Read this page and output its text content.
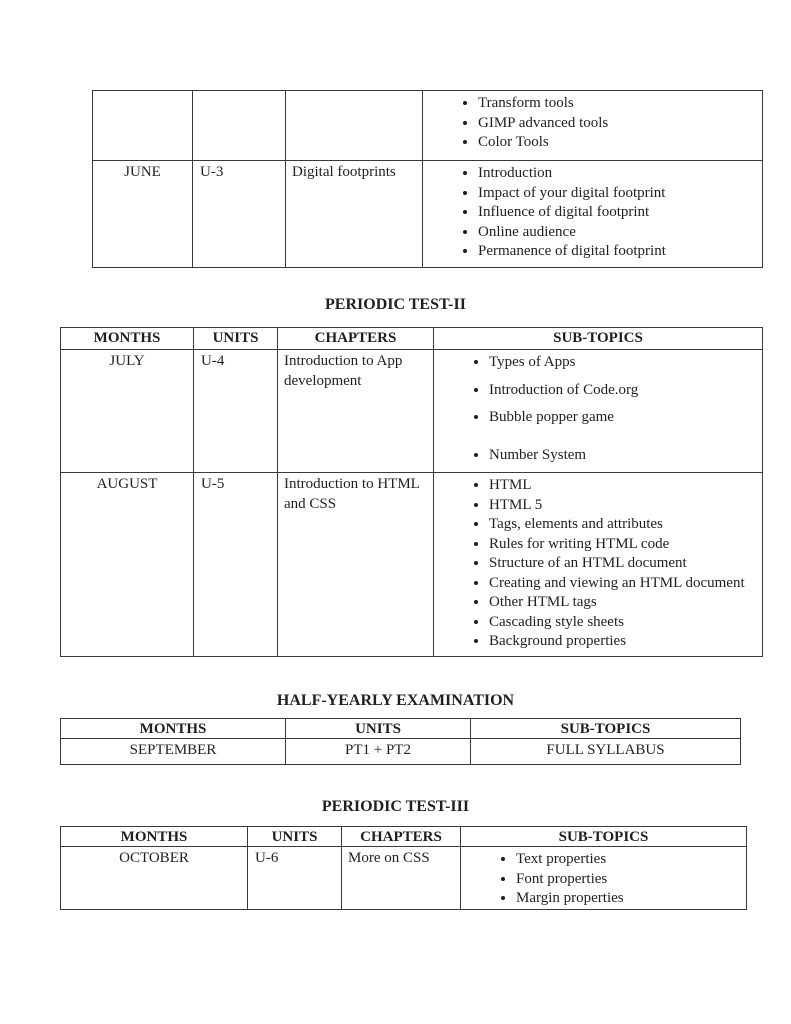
• Transform tools
• GIMP advanced tools
• Color Tools

JUNE	U-3	Digital footprints	
•Introduction
• Impact of your digital footprint
• Influence of digital footprint
• Online audience
• Permanence of digital footprint
PERIODIC TEST-II
MONTHS	UNITS	CHAPTERS	SUB-TOPICS
JULY	U-4	Introduction to App development	
• Types of Apps
• Introduction of Code.org
• Bubble popper game
• Number System

AUGUST	U-5	Introduction to HTML and CSS	
• HTML
• HTML 5
• Tags, elements and attributes
• Rules for writing HTML code
• Structure of an HTML document
• Creating and viewing an HTML document
• Other HTML tags
• Cascading style sheets
• Background properties
HALF-YEARLY EXAMINATION
MONTHS	UNITS	SUB-TOPICS
SEPTEMBER	PT1 + PT2	FULL SYLLABUS
PERIODIC TEST-III
MONTHS	UNITS	CHAPTERS	SUB-TOPICS
OCTOBER	U-6	More on CSS	
•Text properties
• Font properties
• Margin properties
